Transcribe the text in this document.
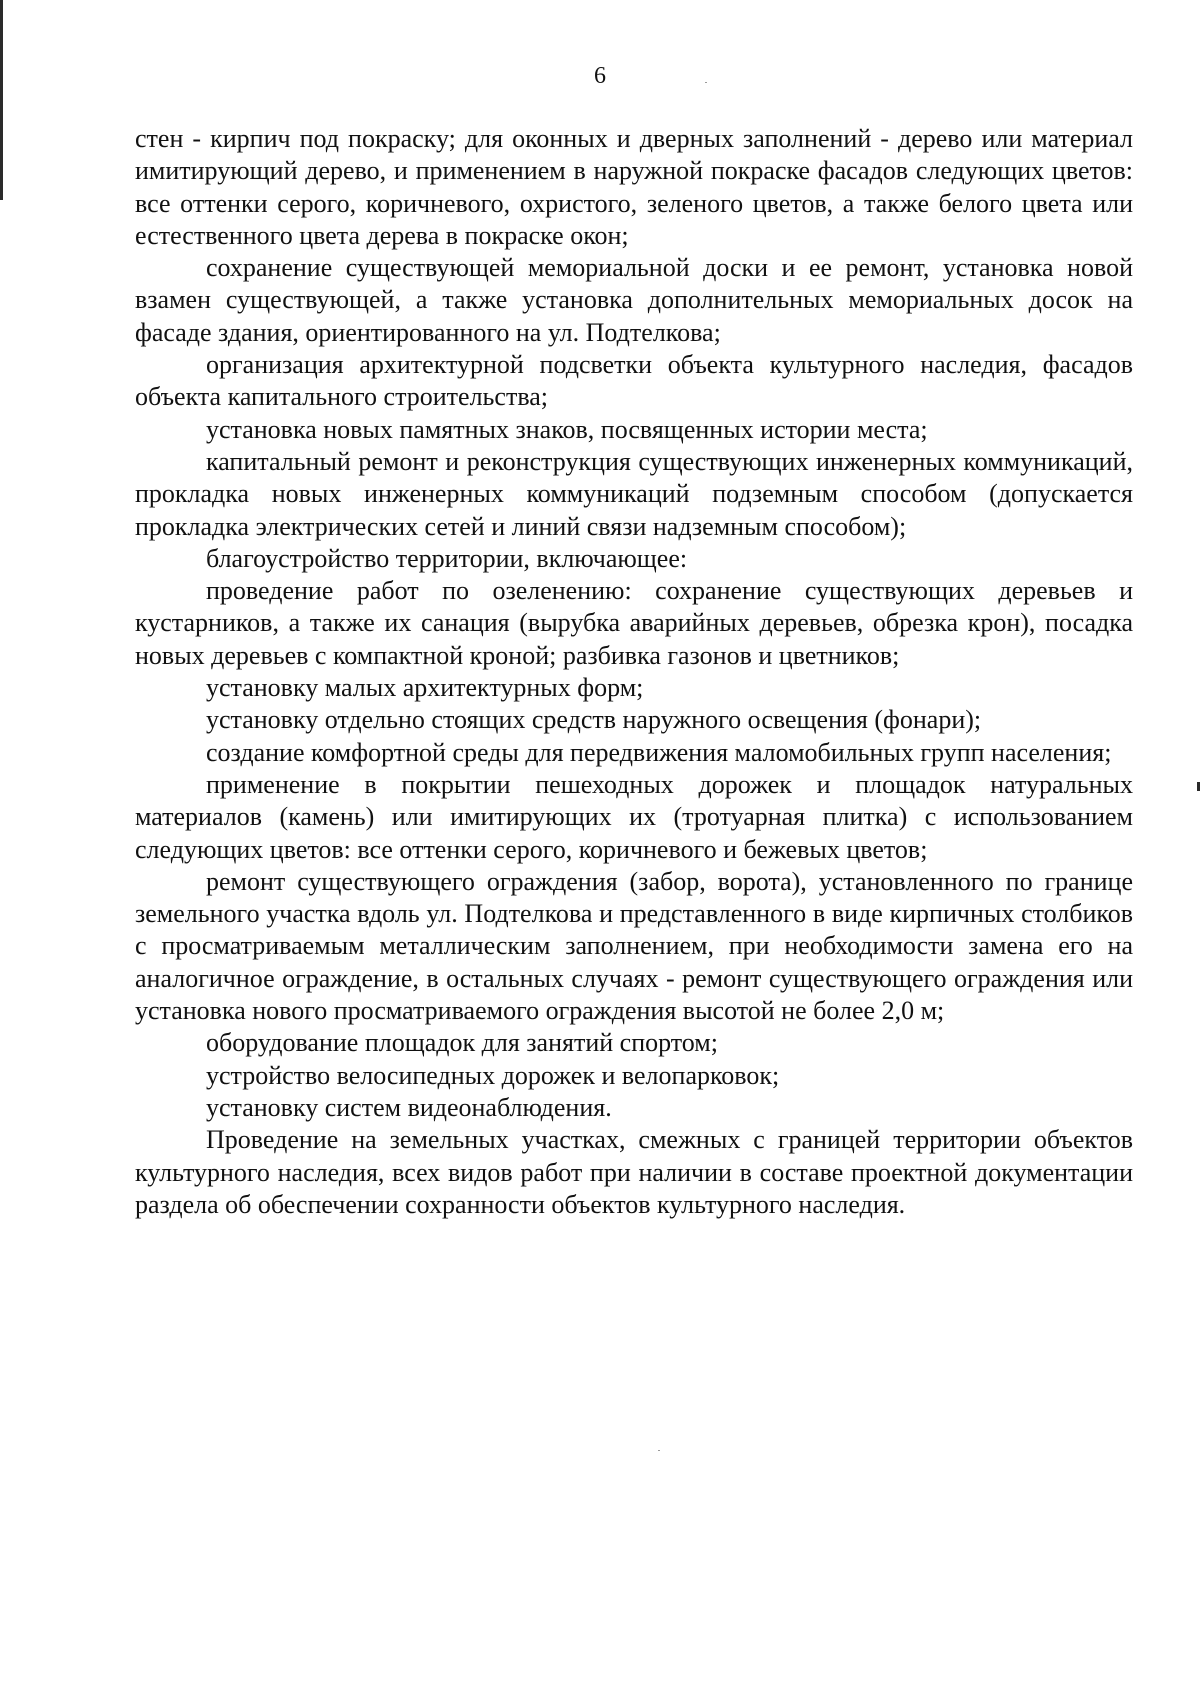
6

стен - кирпич под покраску; для оконных и дверных заполнений - дерево или материал имитирующий дерево, и применением в наружной покраске фасадов следующих цветов: все оттенки серого, коричневого, охристого, зеленого цветов, а также белого цвета или естественного цвета дерева в покраске окон;

сохранение существующей мемориальной доски и ее ремонт, установка новой взамен существующей, а также установка дополнительных мемориальных досок на фасаде здания, ориентированного на ул. Подтелкова;

организация архитектурной подсветки объекта культурного наследия, фасадов объекта капитального строительства;

установка новых памятных знаков, посвященных истории места;

капитальный ремонт и реконструкция существующих инженерных коммуникаций, прокладка новых инженерных коммуникаций подземным способом (допускается прокладка электрических сетей и линий связи надземным способом);

благоустройство территории, включающее:

проведение работ по озеленению: сохранение существующих деревьев и кустарников, а также их санация (вырубка аварийных деревьев, обрезка крон), посадка новых деревьев с компактной кроной; разбивка газонов и цветников;

установку малых архитектурных форм;

установку отдельно стоящих средств наружного освещения (фонари);

создание комфортной среды для передвижения маломобильных групп населения;

применение в покрытии пешеходных дорожек и площадок натуральных материалов (камень) или имитирующих их (тротуарная плитка) с использованием следующих цветов: все оттенки серого, коричневого и бежевых цветов;

ремонт существующего ограждения (забор, ворота), установленного по границе земельного участка вдоль ул. Подтелкова и представленного в виде кирпичных столбиков с просматриваемым металлическим заполнением, при необходимости замена его на аналогичное ограждение, в остальных случаях - ремонт существующего ограждения или установка нового просматриваемого ограждения высотой не более 2,0 м;

оборудование площадок для занятий спортом;

устройство велосипедных дорожек и велопарковок;

установку систем видеонаблюдения.

Проведение на земельных участках, смежных с границей территории объектов культурного наследия, всех видов работ при наличии в составе проектной документации раздела об обеспечении сохранности объектов культурного наследия.
